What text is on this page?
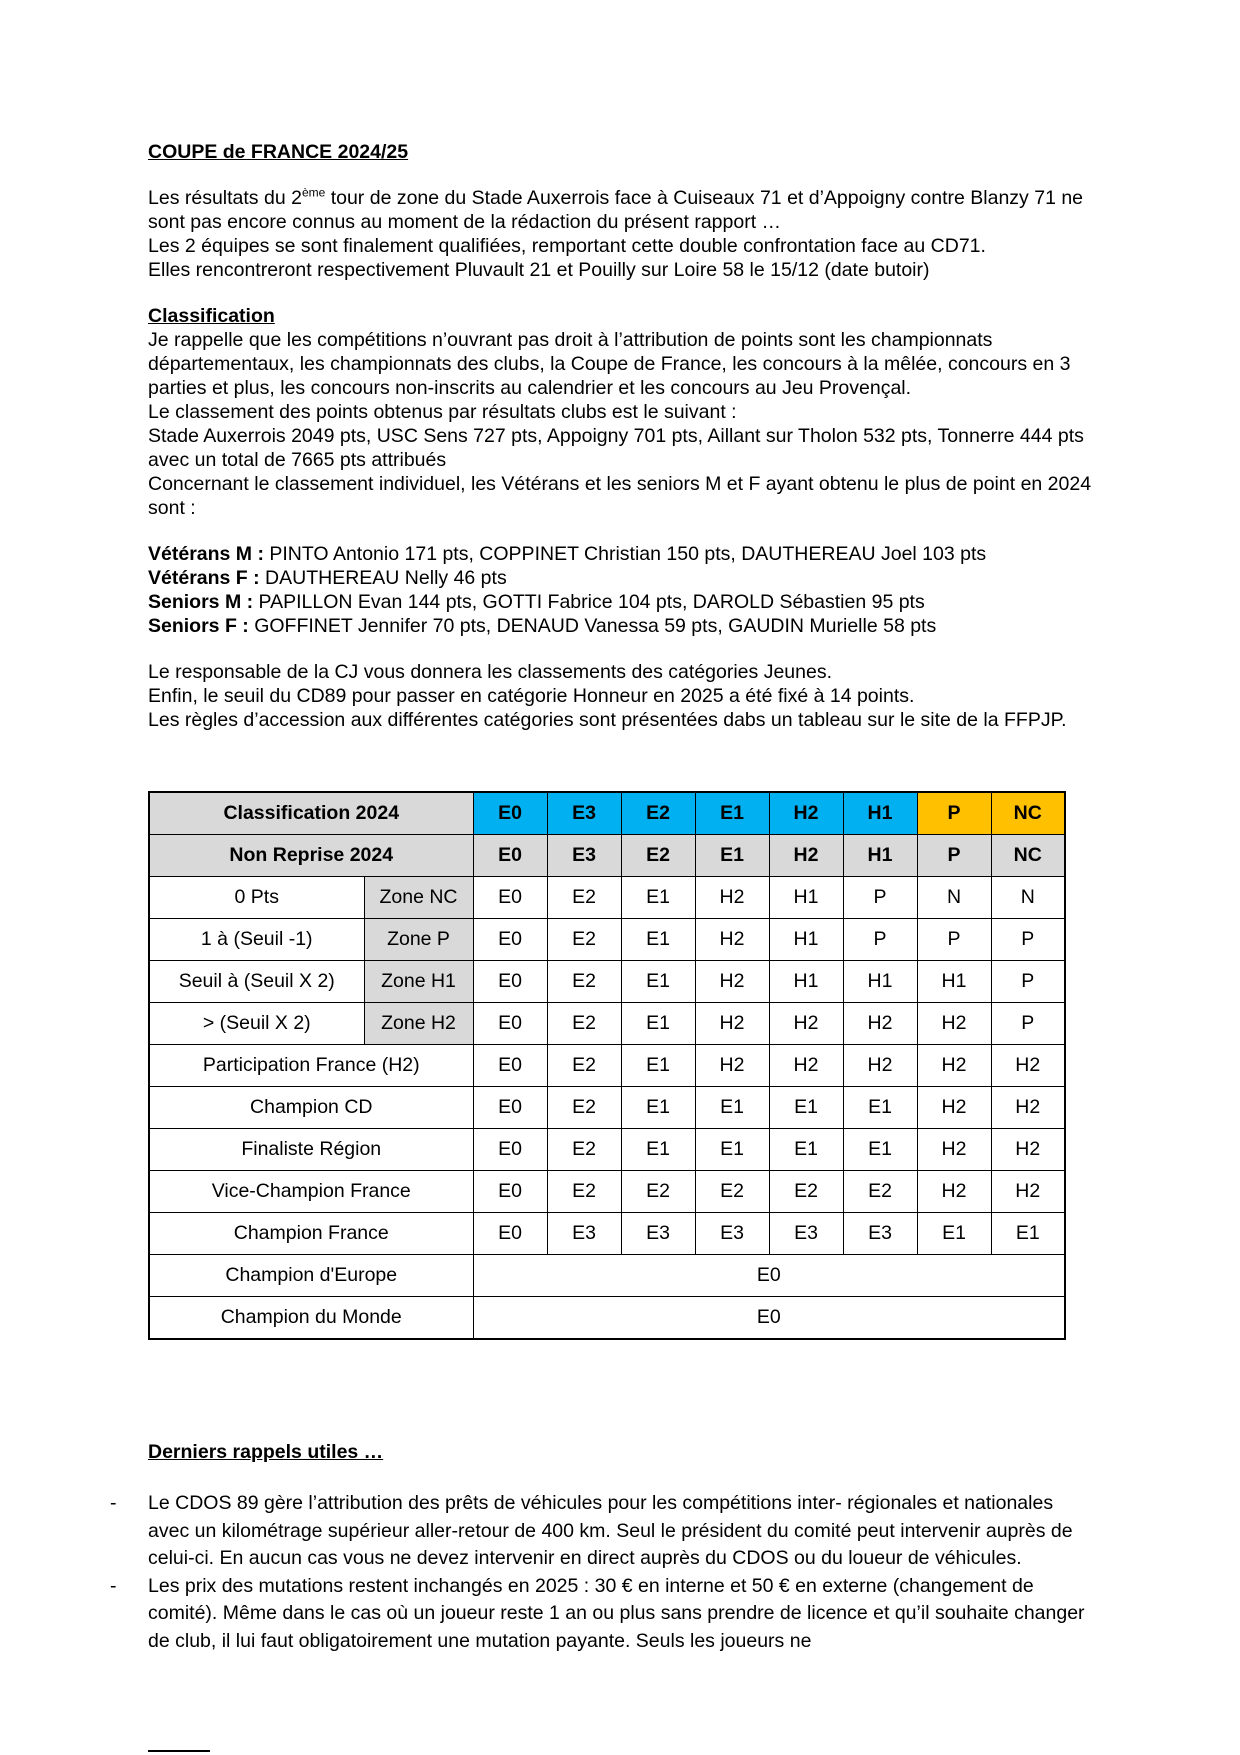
COUPE de FRANCE 2024/25

Les résultats du 2ème tour de zone du Stade Auxerrois face à Cuiseaux 71 et d’Appoigny contre Blanzy 71 ne sont pas encore connus au moment de la rédaction du présent rapport …

Les 2 équipes se sont finalement qualifiées, remportant cette double confrontation face au CD71.

Elles rencontreront respectivement Pluvault 21 et Pouilly sur Loire 58 le 15/12 (date butoir)

Classification

Je rappelle que les compétitions n’ouvrant pas droit à l’attribution de points sont les championnats départementaux, les championnats des clubs, la Coupe de France, les concours à la mêlée, concours en 3 parties et plus, les concours non-inscrits au calendrier et les concours au Jeu Provençal.

Le classement des points obtenus par résultats clubs est le suivant :

Stade Auxerrois 2049 pts, USC Sens 727 pts, Appoigny 701 pts, Aillant sur Tholon 532 pts, Tonnerre 444 pts avec un total de 7665 pts attribués

Concernant le classement individuel, les Vétérans et les seniors M et F ayant obtenu le plus de point en 2024 sont :

Vétérans M : PINTO Antonio 171 pts, COPPINET Christian 150 pts, DAUTHEREAU Joel 103 pts

Vétérans F : DAUTHEREAU Nelly 46 pts

Seniors M : PAPILLON Evan 144 pts, GOTTI Fabrice 104 pts, DAROLD Sébastien 95 pts

Seniors F : GOFFINET Jennifer 70 pts, DENAUD Vanessa 59 pts, GAUDIN Murielle 58 pts

Le responsable de la CJ vous donnera les classements des catégories Jeunes.

Enfin, le seuil du CD89 pour passer en catégorie Honneur en 2025 a été fixé à 14 points.

Les règles d’accession aux différentes catégories sont présentées dabs un tableau sur le site de la FFPJP.

Classification 2024		E0	E3	E2	E1	H2	H1	P	NC
Non Reprise 2024		E0	E3	E2	E1	H2	H1	P	NC
0 Pts	Zone NC	E0	E2	E1	H2	H1	P	N	N
1 à (Seuil -1)	Zone P	E0	E2	E1	H2	H1	P	P	P
Seuil à (Seuil X 2)	Zone H1	E0	E2	E1	H2	H1	H1	H1	P
> (Seuil X 2)	Zone H2	E0	E2	E1	H2	H2	H2	H2	P
Participation France (H2)		E0	E2	E1	H2	H2	H2	H2	H2
Champion CD		E0	E2	E1	E1	E1	E1	H2	H2
Finaliste Région		E0	E2	E1	E1	E1	E1	H2	H2
Vice-Champion France		E0	E2	E2	E2	E2	E2	H2	H2
Champion France		E0	E3	E3	E3	E3	E3	E1	E1
Champion d'Europe		E0							
Champion du Monde		E0							

Derniers rappels utiles …

- Le CDOS 89 gère l’attribution des prêts de véhicules pour les compétitions inter- régionales et nationales avec un kilométrage supérieur aller-retour de 400 km. Seul le président du comité peut intervenir auprès de celui-ci. En aucun cas vous ne devez intervenir en direct auprès du CDOS ou du loueur de véhicules.

- Les prix des mutations restent inchangés en 2025 : 30 € en interne et 50 € en externe (changement de comité). Même dans le cas où un joueur reste 1 an ou plus sans prendre de licence et qu’il souhaite changer de club, il lui faut obligatoirement une mutation payante. Seuls les joueurs ne
